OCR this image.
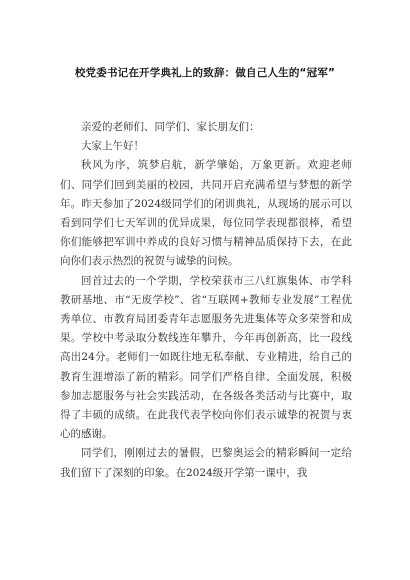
校党委书记在开学典礼上的致辞：做自己人生的“冠军”

亲爱的老师们、同学们、家长朋友们：

大家上午好！

秋风为序，筑梦启航，新学肇始，万象更新。欢迎老师们、同学们回到美丽的校园，共同开启充满希望与梦想的新学年。昨天参加了2024级同学们的闭训典礼，从现场的展示可以看到同学们七天军训的优异成果，每位同学表现都很棒，希望你们能够把军训中养成的良好习惯与精神品质保持下去，在此向你们表示热烈的祝贺与诚挚的问候。

回首过去的一个学期，学校荣获市三八红旗集体、市学科教研基地、市“无废学校”、省“互联网+教师专业发展”工程优秀单位、市教育局团委青年志愿服务先进集体等众多荣誉和成果。学校中考录取分数线连年攀升，今年再创新高，比一段线高出24分。老师们一如既往地无私奉献、专业精进，给自己的教育生涯增添了新的精彩。同学们严格自律、全面发展，积极参加志愿服务与社会实践活动，在各级各类活动与比赛中，取得了丰硕的成绩。在此我代表学校向你们表示诚挚的祝贺与衷心的感谢。

同学们，刚刚过去的暑假，巴黎奥运会的精彩瞬间一定给我们留下了深刻的印象。在2024级开学第一课中，我
